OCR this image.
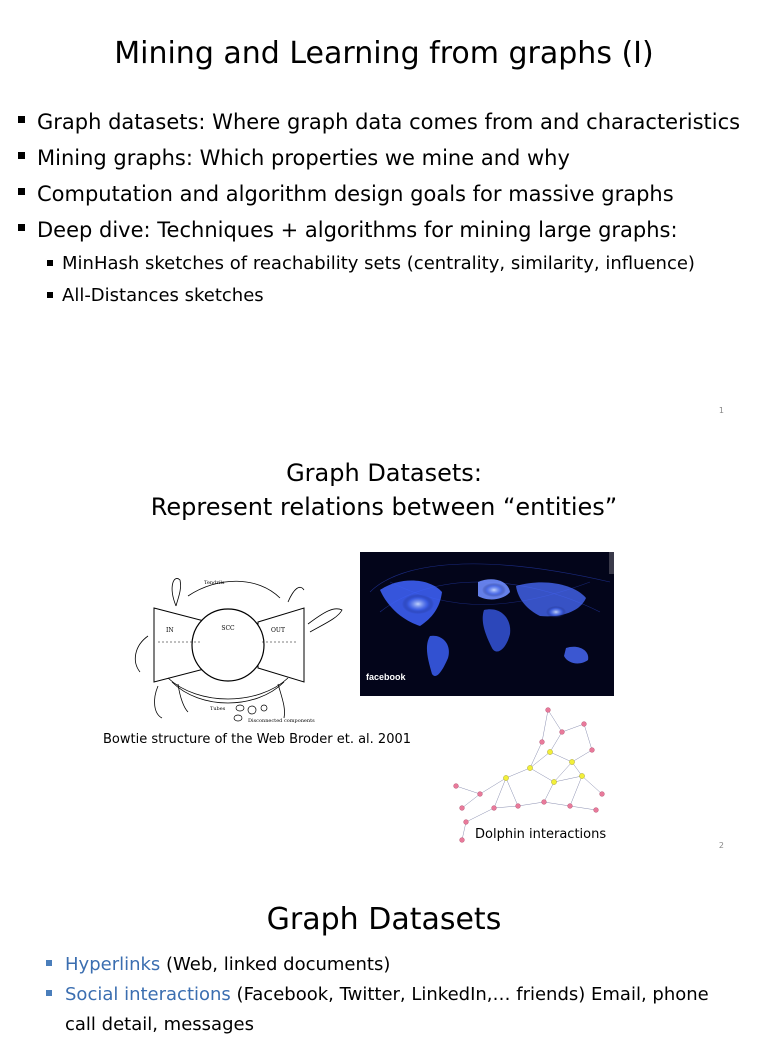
Mining and Learning from graphs (I)
Graph datasets: Where graph data comes from and characteristics
Mining graphs: Which properties we mine and why
Computation and algorithm design goals for massive graphs
Deep dive: Techniques + algorithms for mining large graphs:
MinHash sketches of reachability sets (centrality, similarity, influence)
All-Distances sketches
1
Graph Datasets:
Represent relations between “entities”
SCC
IN	OUT
Tubes
Tendrils
Disconnected components
Bowtie structure of the Web Broder et. al. 2001
facebook
Dolphin interactions
2
Graph Datasets
Hyperlinks (Web, linked documents)
Social interactions (Facebook, Twitter, LinkedIn,… friends) Email, phone call detail, messages
